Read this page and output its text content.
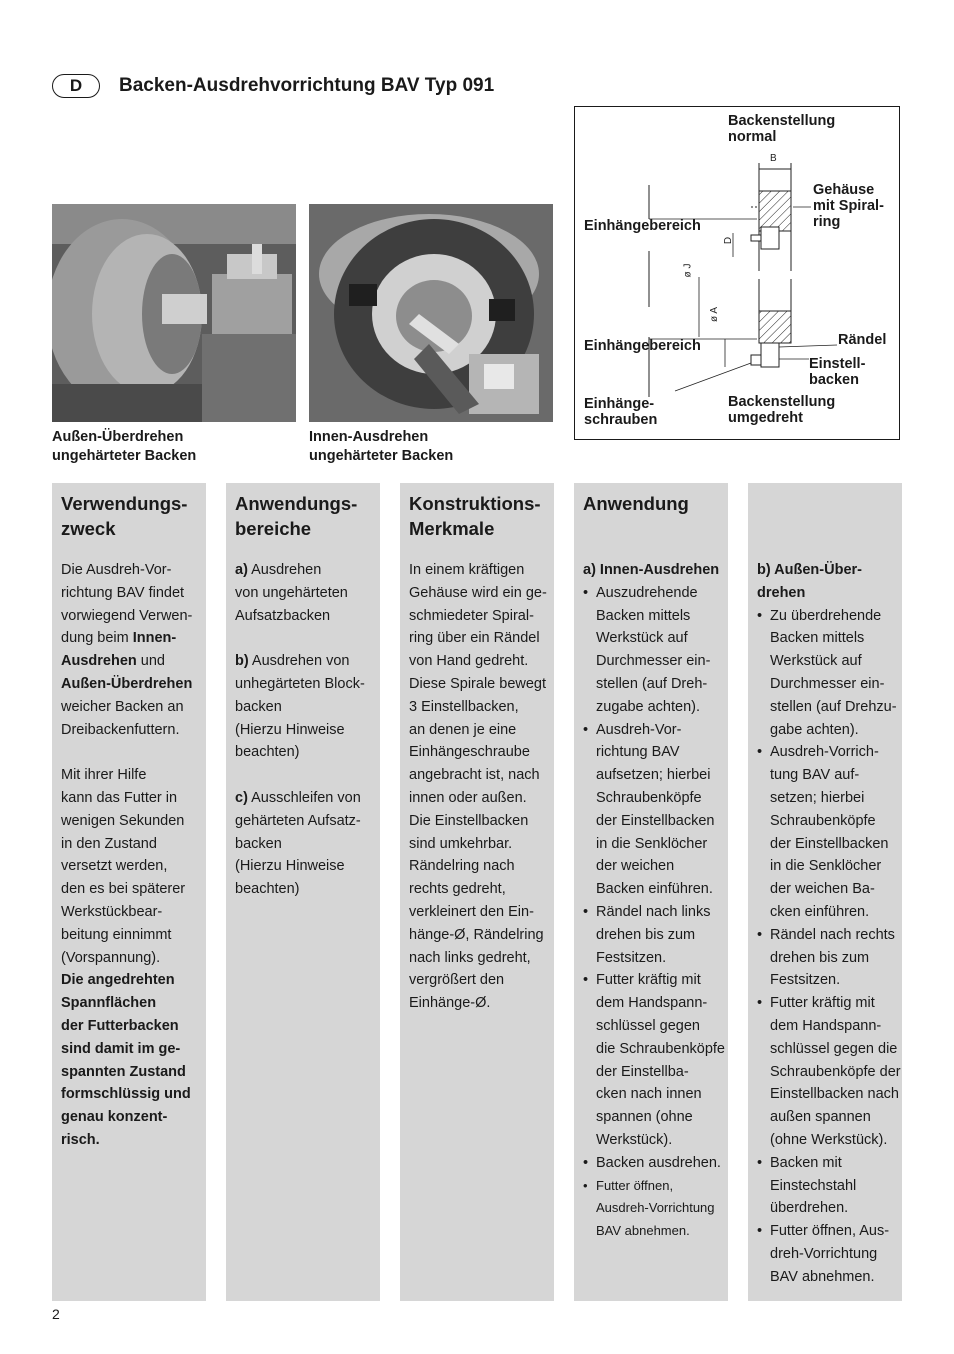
D	Backen-Ausdrehvorrichtung BAV Typ 091
Außen-Überdrehen
ungehärteter Backen
Innen-Ausdrehen
ungehärteter Backen
Backenstellung
normal
B
Gehäuse
mit Spiral-
ring
Einhängebereich
D
ø J
ø A
Einhängebereich	Rändel
Einstell-
backen
Einhänge-
schrauben
Backenstellung
umgedreht
Verwendungs-
zweck
Die Ausdreh-Vor-
richtung BAV findet
vorwiegend Verwen-
dung beim Innen-
Ausdrehen und
Außen-Überdrehen
weicher Backen an
Dreibackenfuttern.
Mit ihrer Hilfe
kann das Futter in
wenigen Sekunden
in den Zustand
versetzt werden,
den es bei späterer
Werkstückbear-
beitung einnimmt
(Vorspannung).
Die angedrehten
Spannflächen
der Futterbacken
sind damit im ge-
spannten Zustand
formschlüssig und
genau konzent-
risch.
Anwendungs-
bereiche
a) Ausdrehen
von ungehärteten
Aufsatzbacken
b) Ausdrehen von
unhegärteten Block-
backen
(Hierzu Hinweise
beachten)
c) Ausschleifen von
gehärteten Aufsatz-
backen
(Hierzu Hinweise
beachten)
Konstruktions-
Merkmale
In einem kräftigen
Gehäuse wird ein ge-
schmiedeter Spiral-
ring über ein Rändel
von Hand gedreht.
Diese Spirale bewegt
3 Einstellbacken,
an denen je eine
Einhängeschraube
angebracht ist, nach
innen oder außen.
Die Einstellbacken
sind umkehrbar.
Rändelring nach
rechts gedreht,
verkleinert den Ein-
hänge-Ø, Rändelring
nach links gedreht,
vergrößert den
Einhänge-Ø.
Anwendung
a) Innen-Ausdrehen
• Auszudrehende
Backen mittels
Werkstück auf
Durchmesser ein-
stellen (auf Dreh-
zugabe achten).
• Ausdreh-Vor-
richtung BAV
aufsetzen; hierbei
Schraubenköpfe
der Einstellbacken
in die Senklöcher
der weichen
Backen einführen.
• Rändel nach links
drehen bis zum
Festsitzen.
• Futter kräftig mit
dem Handspann-
schlüssel gegen
die Schraubenköpfe
der Einstellba-
cken nach innen
spannen (ohne
Werkstück).
• Backen ausdrehen.
• Futter öffnen,
Ausdreh-Vorrichtung
BAV abnehmen.
b) Außen-Über-
drehen
• Zu überdrehende
Backen mittels
Werkstück auf
Durchmesser ein-
stellen (auf Drehzu-
gabe achten).
• Ausdreh-Vorrich-
tung BAV auf-
setzen; hierbei
Schraubenköpfe
der Einstellbacken
in die Senklöcher
der weichen Ba-
cken einführen.
• Rändel nach rechts
drehen bis zum
Festsitzen.
• Futter kräftig mit
dem Handspann-
schlüssel gegen die
Schraubenköpfe der
Einstellbacken nach
außen spannen
(ohne Werkstück).
• Backen mit
Einstechstahl
überdrehen.
• Futter öffnen, Aus-
dreh-Vorrichtung
BAV abnehmen.
2
